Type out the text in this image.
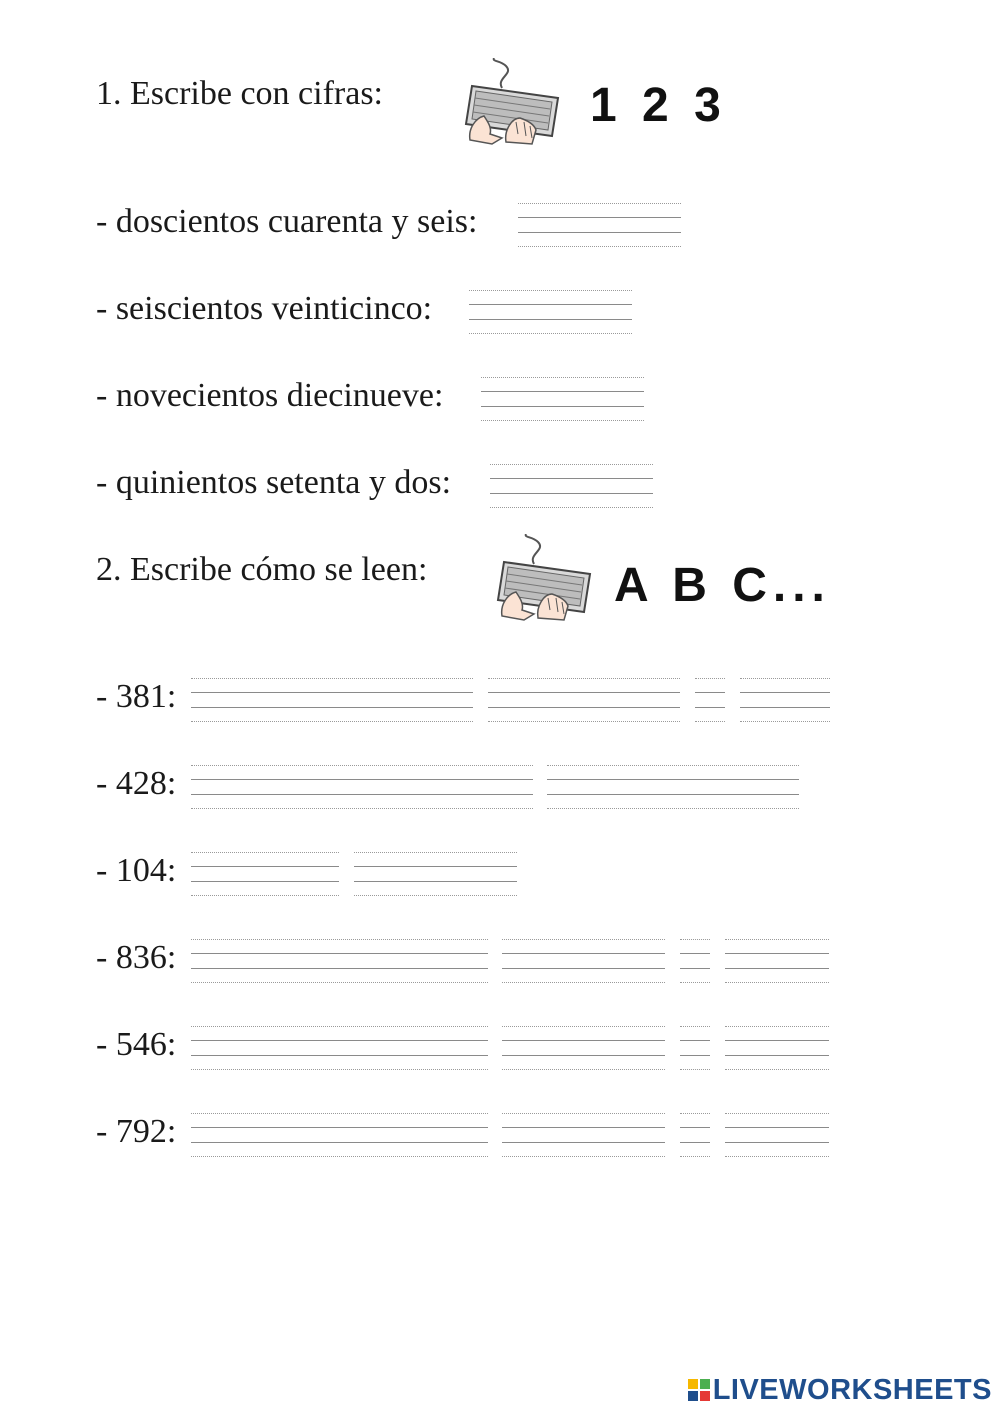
1. Escribe con cifras:	1 2 3
- doscientos cuarenta y seis:
- seiscientos veinticinco:
- novecientos diecinueve:
- quinientos setenta y dos:
2. Escribe cómo se leen:	A B C...
- 381:
- 428:
- 104:
- 836:
- 546:
- 792:
LIVEWORKSHEETS
